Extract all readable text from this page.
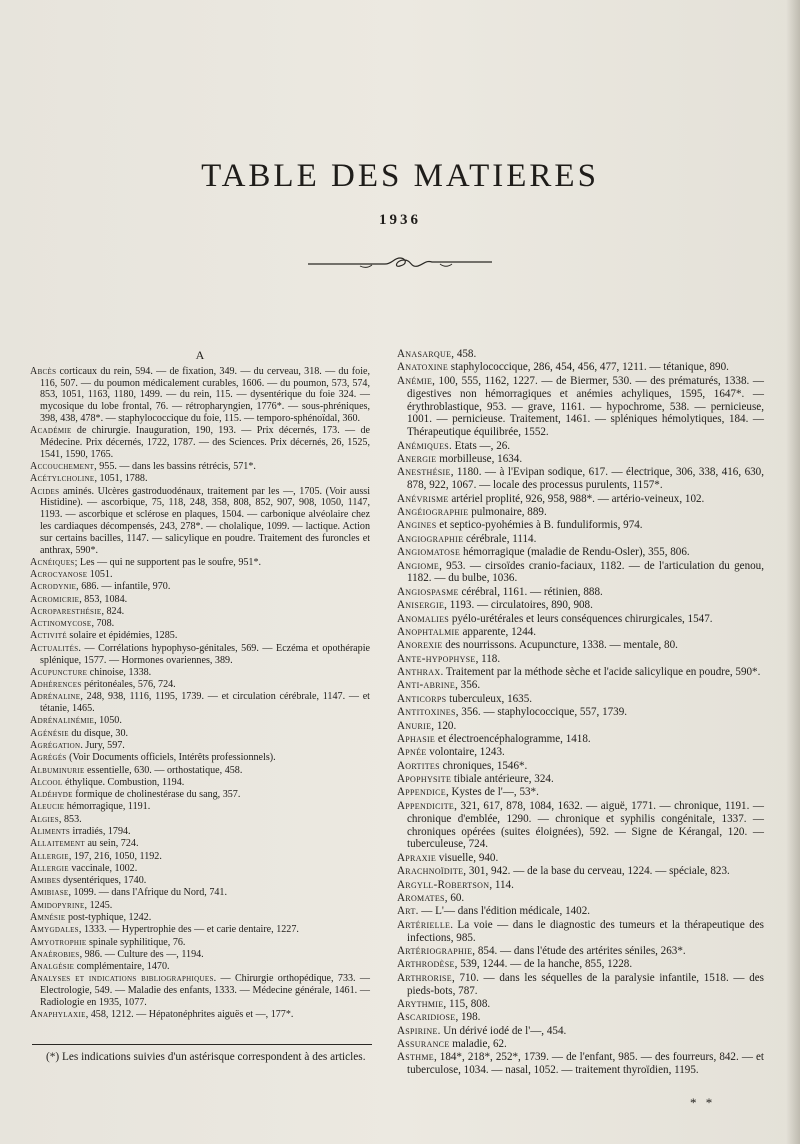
TABLE DES MATIERES
1936
A
Abcès corticaux du rein, 594. — de fixation, 349. — du cerveau, 318. — du foie, 116, 507. — du poumon médicalement curables, 1606. — du poumon, 573, 574, 853, 1051, 1163, 1180, 1499. — du rein, 115. — dysentérique du foie 324. — mycosique du lobe frontal, 76. — rétropharyngien, 1776*. — sous-phréniques, 398, 438, 478*. — staphylococcique du foie, 115. — temporo-sphénoïdal, 360.
Académie de chirurgie. Inauguration, 190, 193. — Prix décernés, 173. — de Médecine. Prix décernés, 1722, 1787. — des Sciences. Prix décernés, 26, 1525, 1541, 1590, 1765.
Accouchement, 955. — dans les bassins rétrécis, 571*.
Acétylcholine, 1051, 1788.
Acides aminés. Ulcères gastroduodénaux, traitement par les —, 1705. (Voir aussi Histidine). — ascorbique, 75, 118, 248, 358, 808, 852, 907, 908, 1050, 1147, 1193. — ascorbique et sclérose en plaques, 1504. — carbonique alvéolaire chez les cardiaques décompensés, 243, 278*. — cholalique, 1099. — lactique. Action sur certains bacilles, 1147. — salicylique en poudre. Traitement des furoncles et anthrax, 590*.
Acnéiques; Les — qui ne supportent pas le soufre, 951*.
Acrocyanose 1051.
Acrodynie, 686. — infantile, 970.
Acromicrie, 853, 1084.
Acroparesthésie, 824.
Actinomycose, 708.
Activité solaire et épidémies, 1285.
Actualités. — Corrélations hypophyso-génitales, 569. — Eczéma et opothérapie splénique, 1577. — Hormones ovariennes, 389.
Acupuncture chinoise, 1338.
Adhérences péritonéales, 576, 724.
Adrénaline, 248, 938, 1116, 1195, 1739. — et circulation cérébrale, 1147. — et tétanie, 1465.
Adrénalinémie, 1050.
Agénésie du disque, 30.
Agrégation. Jury, 597.
Agrégés (Voir Documents officiels, Intérêts professionnels).
Albuminurie essentielle, 630. — orthostatique, 458.
Alcool éthylique. Combustion, 1194.
Aldéhyde formique de cholinestérase du sang, 357.
Aleucie hémorragique, 1191.
Algies, 853.
Aliments irradiés, 1794.
Allaitement au sein, 724.
Allergie, 197, 216, 1050, 1192.
Allergie vaccinale, 1002.
Amibes dysentériques, 1740.
Amibiase, 1099. — dans l'Afrique du Nord, 741.
Amidopyrine, 1245.
Amnésie post-typhique, 1242.
Amygdales, 1333. — Hypertrophie des — et carie dentaire, 1227.
Amyotrophie spinale syphilitique, 76.
Anaérobies, 986. — Culture des —, 1194.
Analgésie complémentaire, 1470.
Analyses et indications bibliographiques. — Chirurgie orthopédique, 733. — Electrologie, 549. — Maladie des enfants, 1333. — Médecine générale, 1461. — Radiologie en 1935, 1077.
Anaphylaxie, 458, 1212. — Hépatonéphrites aiguës et —, 177*.
Anasarque, 458.
Anatoxine staphylococcique, 286, 454, 456, 477, 1211. — tétanique, 890.
Anémie, 100, 555, 1162, 1227. — de Biermer, 530. — des prématurés, 1338. — digestives non hémorragiques et anémies achyliques, 1595, 1647*. — érythroblastique, 953. — grave, 1161. — hypochrome, 538. — pernicieuse, 1001. — pernicieuse. Traitement, 1461. — spléniques hémolytiques, 184. — Thérapeutique équilibrée, 1552.
Anémiques. Etats —, 26.
Anergie morbilleuse, 1634.
Anesthésie, 1180. — à l'Evipan sodique, 617. — électrique, 306, 338, 416, 630, 878, 922, 1067. — locale des processus purulents, 1157*.
Anévrisme artériel proplité, 926, 958, 988*. — artério-veineux, 102.
Angéiographie pulmonaire, 889.
Angines et septico-pyohémies à B. funduliformis, 974.
Angiographie cérébrale, 1114.
Angiomatose hémorragique (maladie de Rendu-Osler), 355, 806.
Angiome, 953. — cirsoïdes cranio-faciaux, 1182. — de l'articulation du genou, 1182. — du bulbe, 1036.
Angiospasme cérébral, 1161. — rétinien, 888.
Anisergie, 1193. — circulatoires, 890, 908.
Anomalies pyélo-urétérales et leurs conséquences chirurgicales, 1547.
Anophtalmie apparente, 1244.
Anorexie des nourrissons. Acupuncture, 1338. — mentale, 80.
Ante-hypophyse, 118.
Anthrax. Traitement par la méthode sèche et l'acide salicylique en poudre, 590*.
Anti-abrine, 356.
Anticorps tuberculeux, 1635.
Antitoxines, 356. — staphylococcique, 557, 1739.
Anurie, 120.
Aphasie et électroencéphalogramme, 1418.
Apnée volontaire, 1243.
Aortites chroniques, 1546*.
Apophysite tibiale antérieure, 324.
Appendice, Kystes de l'—, 53*.
Appendicite, 321, 617, 878, 1084, 1632. — aiguë, 1771. — chronique, 1191. — chronique d'emblée, 1290. — chronique et syphilis congénitale, 1337. — chroniques opérées (suites éloignées), 592. — Signe de Kérangal, 120. — tuberculeuse, 724.
Apraxie visuelle, 940.
Arachnoïdite, 301, 942. — de la base du cerveau, 1224. — spéciale, 823.
Argyll-Robertson, 114.
Aromates, 60.
Art. — L'— dans l'édition médicale, 1402.
Artérielle. La voie — dans le diagnostic des tumeurs et la thérapeutique des infections, 985.
Artériographie, 854. — dans l'étude des artérites séniles, 263*.
Arthrodèse, 539, 1244. — de la hanche, 855, 1228.
Arthrorise, 710. — dans les séquelles de la paralysie infantile, 1518. — des pieds-bots, 787.
Arythmie, 115, 808.
Ascaridiose, 198.
Aspirine. Un dérivé iodé de l'—, 454.
Assurance maladie, 62.
Asthme, 184*, 218*, 252*, 1739. — de l'enfant, 985. — des fourreurs, 842. — et tuberculose, 1034. — nasal, 1052. — traitement thyroïdien, 1195.
(*) Les indications suivies d'un astérisque correspondent à des articles.
* *
